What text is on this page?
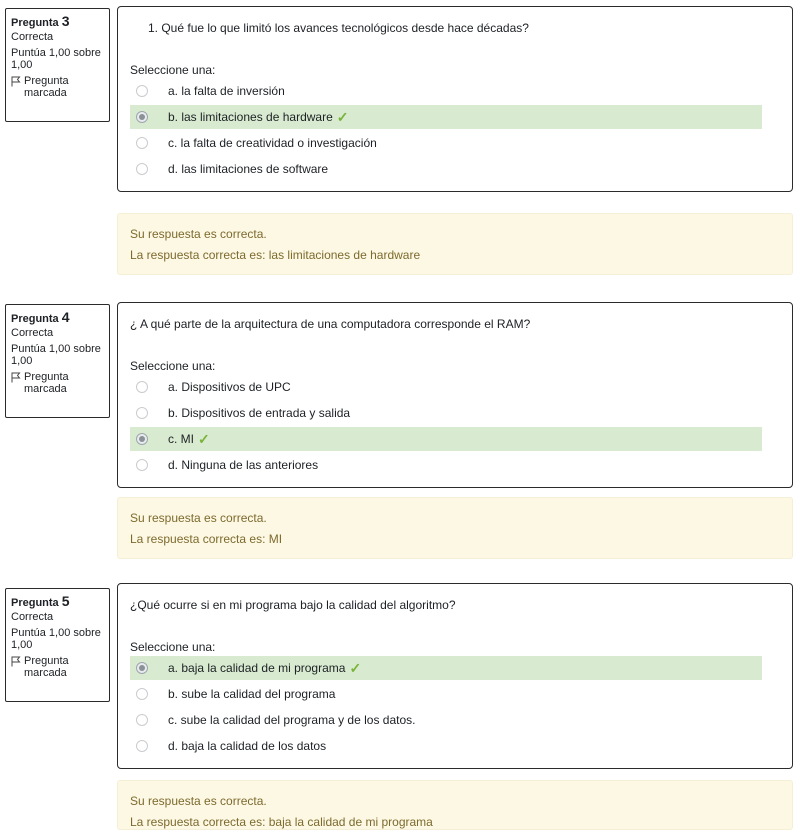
Pregunta 3
Correcta
Puntúa 1,00 sobre 1,00
Pregunta marcada
1. Qué fue lo que limitó los avances tecnológicos desde hace décadas?
Seleccione una:
a. la falta de inversión
b. las limitaciones de hardware ✓
c. la falta de creatividad o investigación
d. las limitaciones de software
Su respuesta es correcta.
La respuesta correcta es: las limitaciones de hardware
Pregunta 4
Correcta
Puntúa 1,00 sobre 1,00
Pregunta marcada
¿ A qué parte de la arquitectura de una computadora corresponde el RAM?
Seleccione una:
a. Dispositivos de UPC
b. Dispositivos de entrada y salida
c. MI ✓
d. Ninguna de las anteriores
Su respuesta es correcta.
La respuesta correcta es: MI
Pregunta 5
Correcta
Puntúa 1,00 sobre 1,00
Pregunta marcada
¿Qué ocurre si en mi programa bajo la calidad del algoritmo?
Seleccione una:
a. baja la calidad de mi programa ✓
b. sube la calidad del programa
c. sube la calidad del programa y de los datos.
d. baja la calidad de los datos
Su respuesta es correcta.
La respuesta correcta es: baja la calidad de mi programa
